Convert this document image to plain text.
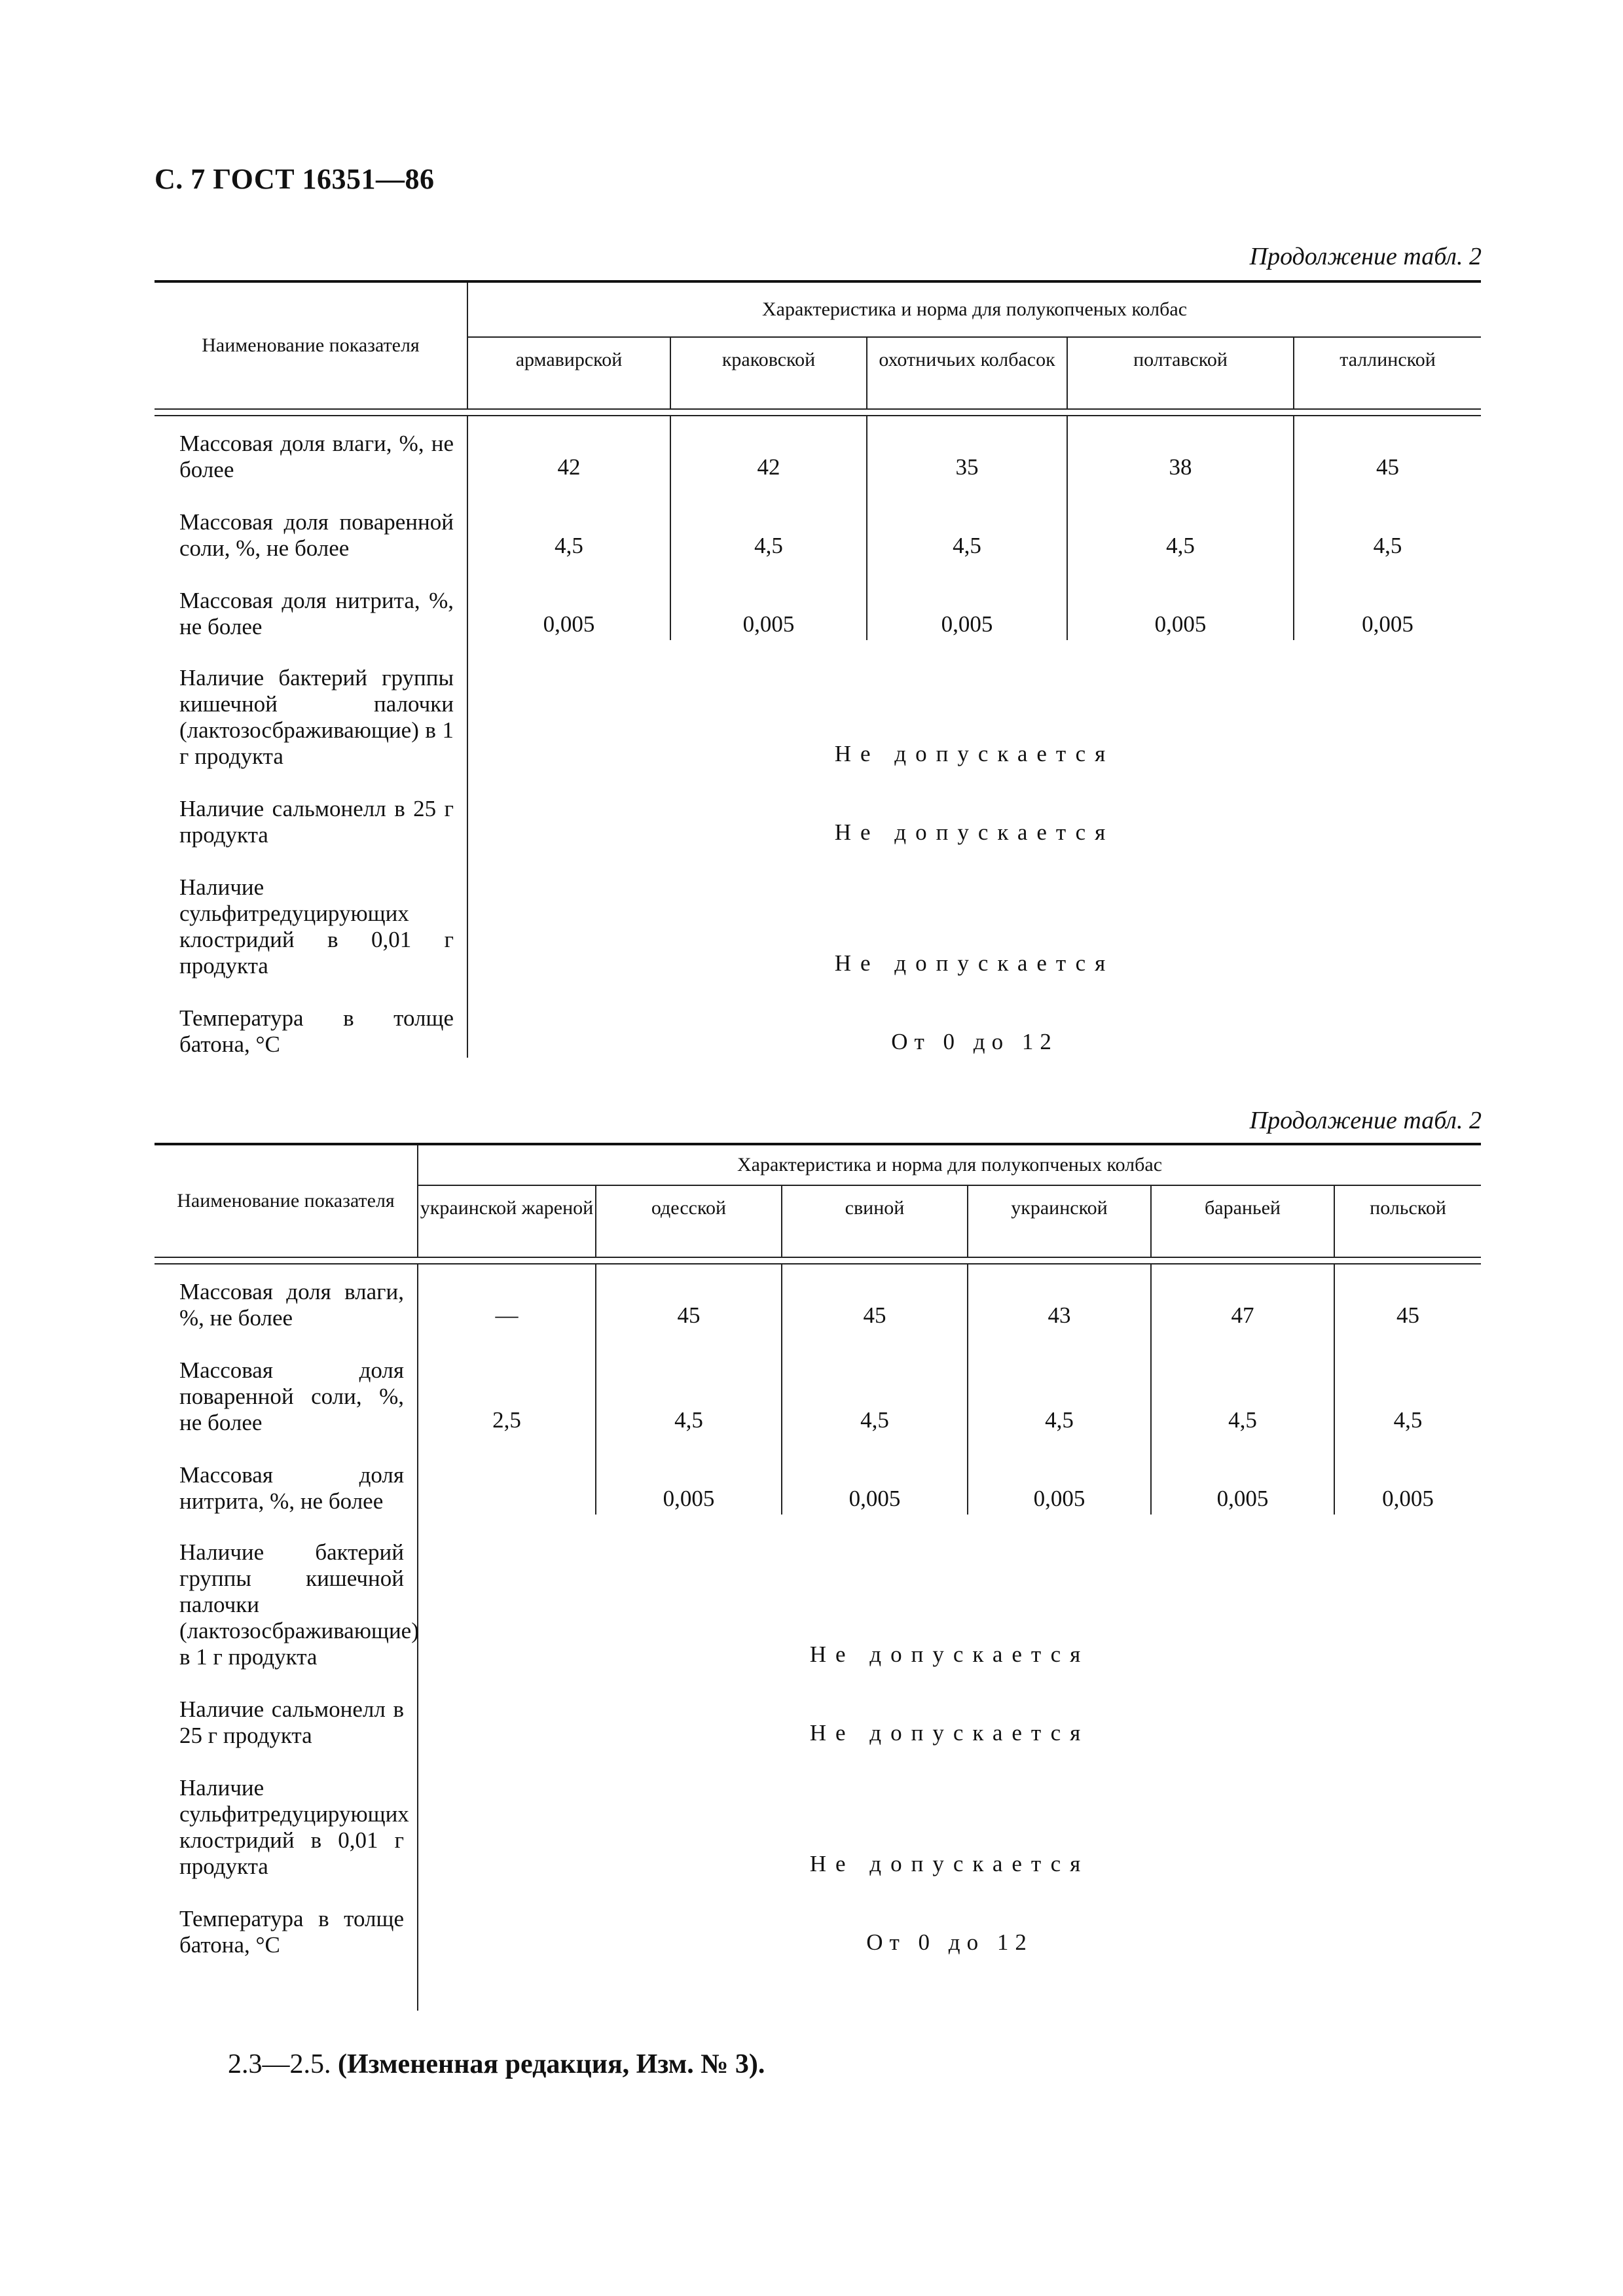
С. 7 ГОСТ 16351—86
Продолжение табл. 2
Наименование показателя	Характеристика и норма для полукопченых колбас				
	армавирской	краковской	охотничьих колбасок	полтавской	таллинской

Массовая доля влаги, %, не более	42	42	35	38	45

Массовая доля поваренной соли, %, не более	4,5	4,5	4,5	4,5	4,5

Массовая доля нитрита, %, не более	0,005	0,005	0,005	0,005	0,005

Наличие бактерий группы кишечной палочки (лактозосбраживающие) в 1 г продукта	Не допускается				

Наличие сальмонелл в 25 г продукта	Не допускается				

Наличие сульфитредуцирующих клостридий в 0,01 г продукта	Не допускается				

Температура в толще батона, °С	От 0 до 12				
Продолжение табл. 2
Наименование показателя	Характеристика и норма для полукопченых колбас					
	украинской жареной	одесской	свиной	украинской	бараньей	польской

Массовая доля влаги, %, не более	—	45	45	43	47	45

Массовая доля поваренной соли, %, не более	2,5	4,5	4,5	4,5	4,5	4,5

Массовая доля нитрита, %, не более		0,005	0,005	0,005	0,005	0,005

Наличие бактерий группы кишечной палочки (лактозосбраживающие) в 1 г продукта	Не допускается					

Наличие сальмонелл в 25 г продукта	Не допускается					

Наличие сульфитредуцирующих клостридий в 0,01 г продукта	Не допускается					

Температура в толще батона, °С	От 0 до 12					

2.3—2.5. (Измененная редакция, Изм. № 3).
